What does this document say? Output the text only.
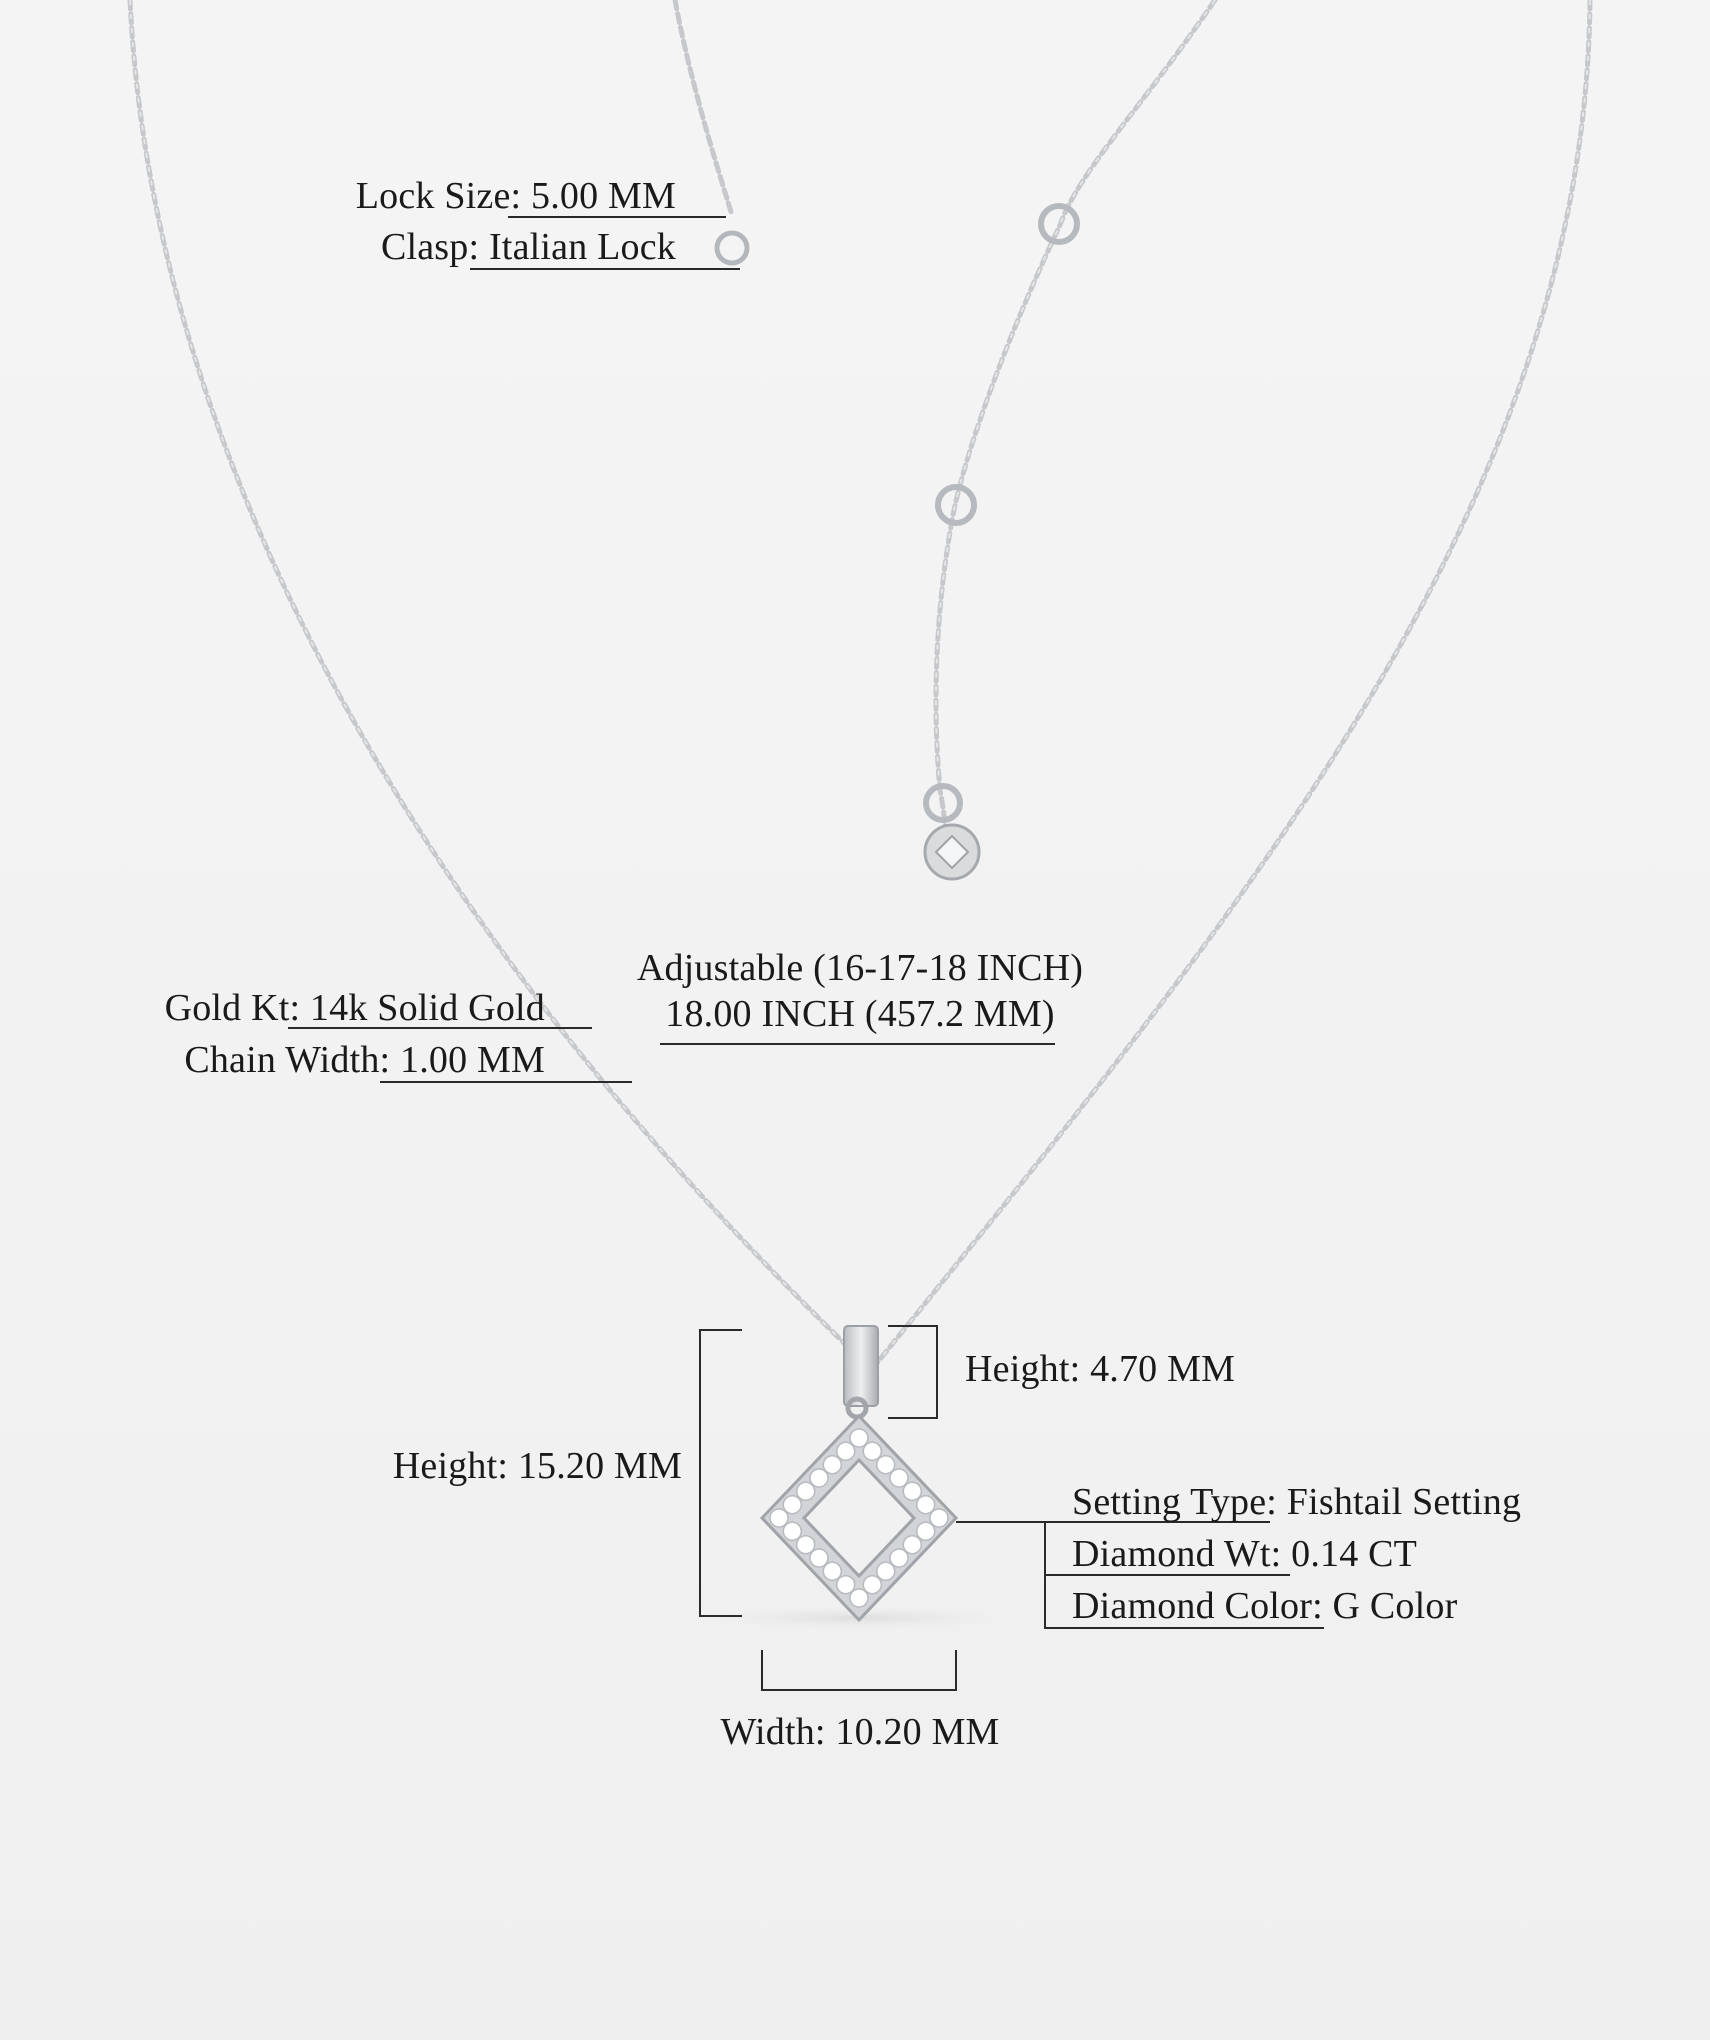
Lock Size: 5.00 MM
Clasp: Italian Lock
Adjustable (16-17-18 INCH)
18.00 INCH (457.2 MM)
Gold Kt: 14k Solid Gold
Chain Width: 1.00 MM
Height: 4.70 MM
Height: 15.20 MM
Setting Type: Fishtail Setting
Diamond Wt: 0.14 CT
Diamond Color: G Color
Width: 10.20 MM
